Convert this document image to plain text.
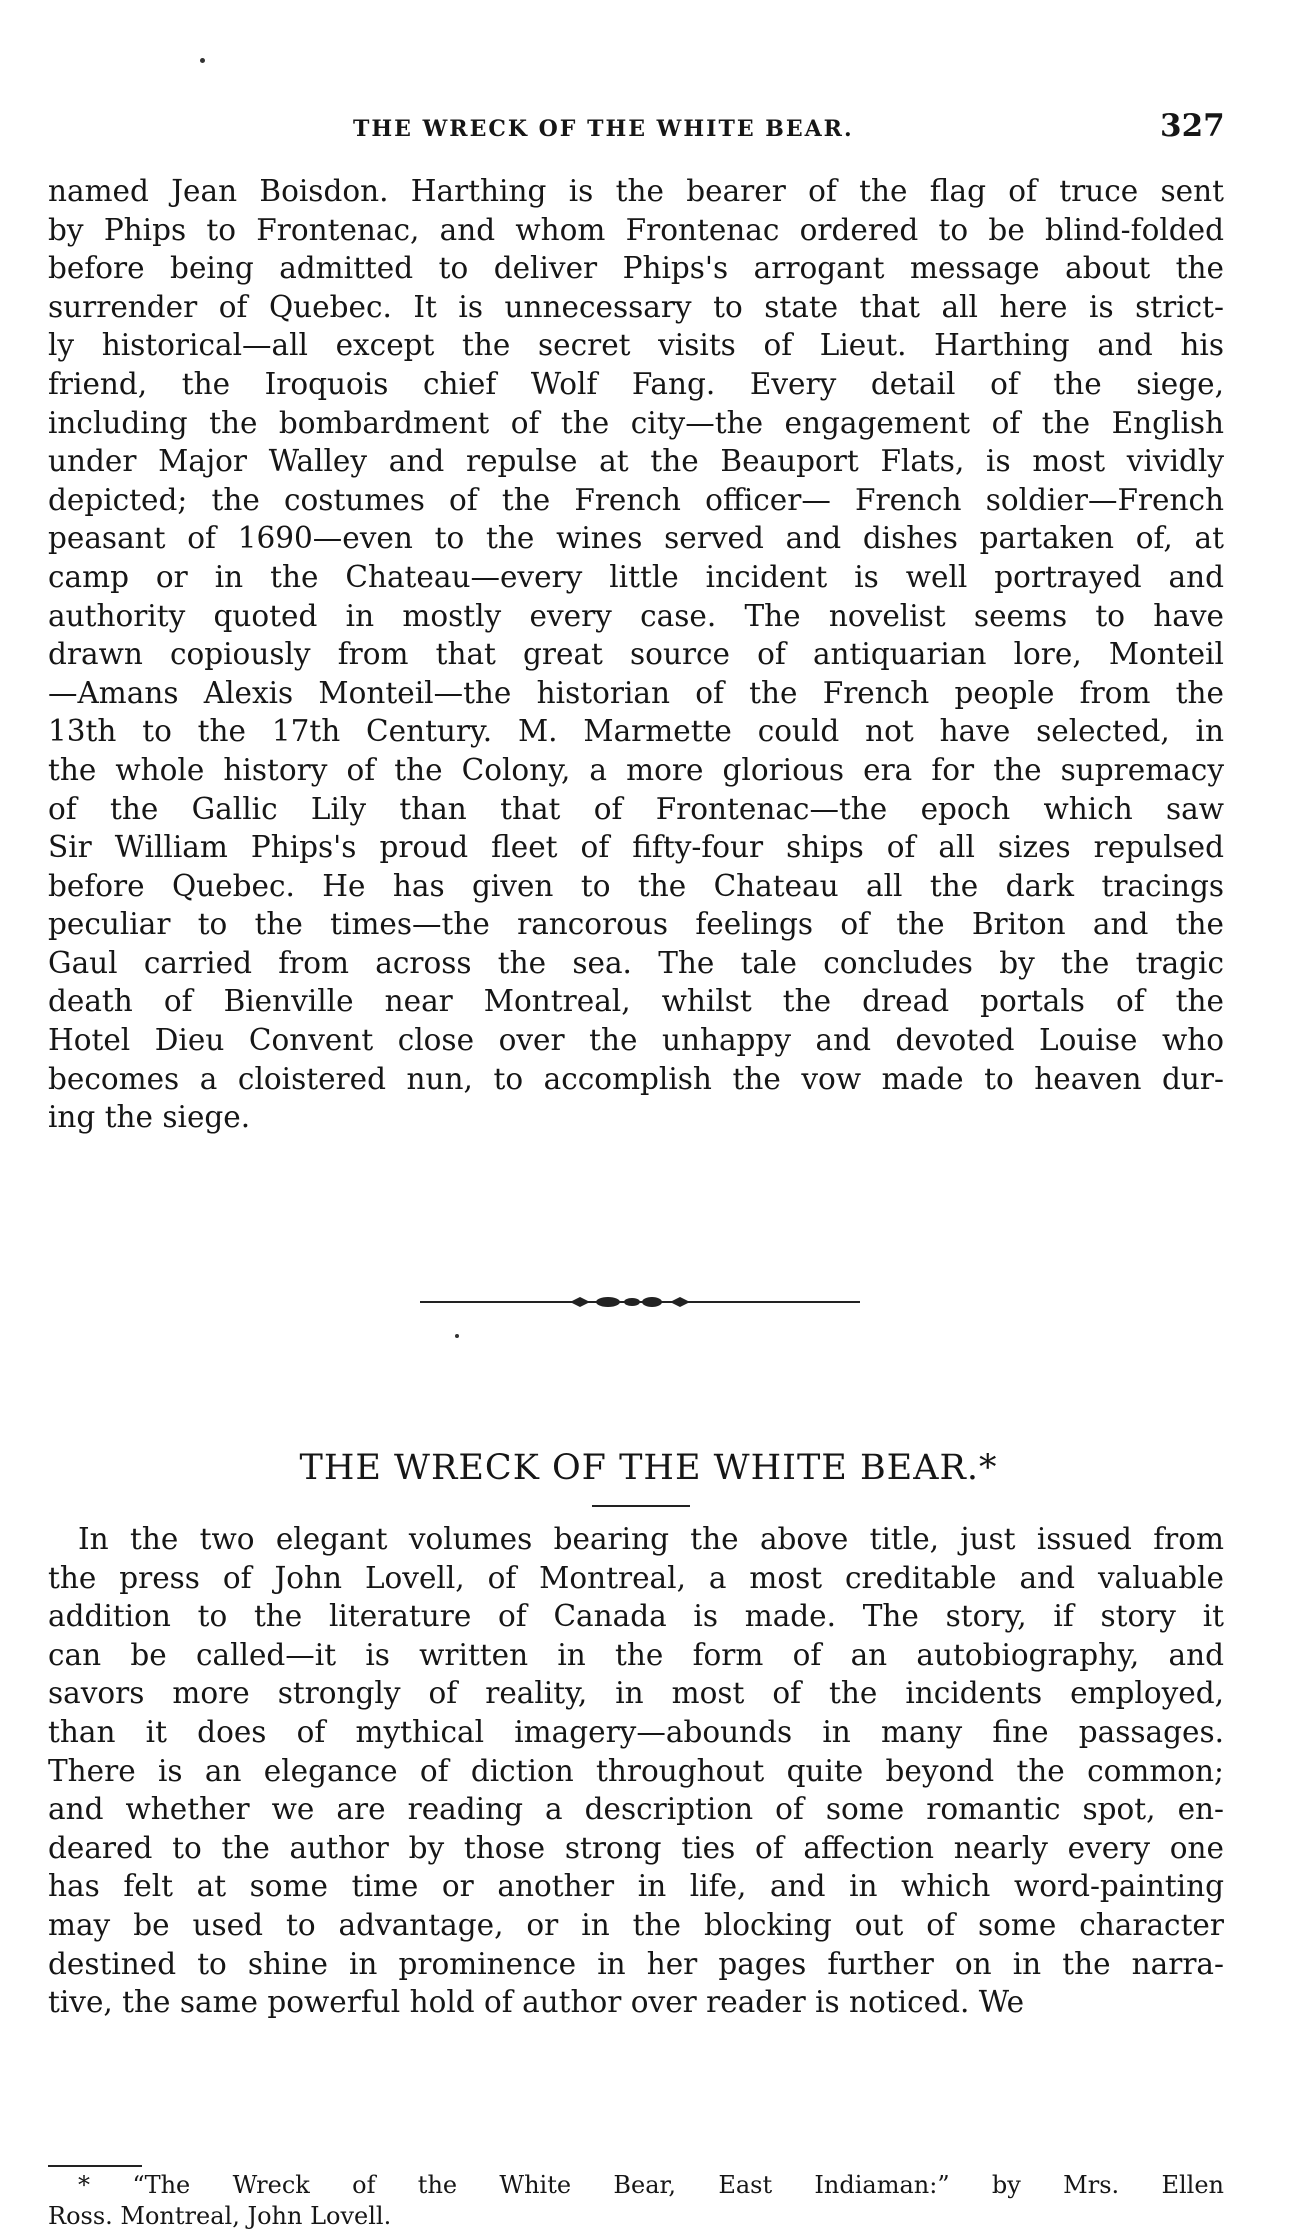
THE WRECK OF THE WHITE BEAR.	327
named Jean Boisdon. Harthing is the bearer of the flag of truce sent
by Phips to Frontenac, and whom Frontenac ordered to be blind-folded
before being admitted to deliver Phips's arrogant message about the
surrender of Quebec. It is unnecessary to state that all here is strict-
ly historical—all except the secret visits of Lieut. Harthing and his
friend, the Iroquois chief Wolf Fang. Every detail of the siege,
including the bombardment of the city—the engagement of the English
under Major Walley and repulse at the Beauport Flats, is most vividly
depicted; the costumes of the French officer— French soldier—French
peasant of 1690—even to the wines served and dishes partaken of, at
camp or in the Chateau—every little incident is well portrayed and
authority quoted in mostly every case. The novelist seems to have
drawn copiously from that great source of antiquarian lore, Monteil
—Amans Alexis Monteil—the historian of the French people from the
13th to the 17th Century. M. Marmette could not have selected, in
the whole history of the Colony, a more glorious era for the supremacy
of the Gallic Lily than that of Frontenac—the epoch which saw
Sir William Phips's proud fleet of fifty-four ships of all sizes repulsed
before Quebec. He has given to the Chateau all the dark tracings
peculiar to the times—the rancorous feelings of the Briton and the
Gaul carried from across the sea. The tale concludes by the tragic
death of Bienville near Montreal, whilst the dread portals of the
Hotel Dieu Convent close over the unhappy and devoted Louise who
becomes a cloistered nun, to accomplish the vow made to heaven dur-
ing the siege.
THE WRECK OF THE WHITE BEAR.*
In the two elegant volumes bearing the above title, just issued from
the press of John Lovell, of Montreal, a most creditable and valuable
addition to the literature of Canada is made. The story, if story it
can be called—it is written in the form of an autobiography, and
savors more strongly of reality, in most of the incidents employed,
than it does of mythical imagery—abounds in many fine passages.
There is an elegance of diction throughout quite beyond the common;
and whether we are reading a description of some romantic spot, en-
deared to the author by those strong ties of affection nearly every one
has felt at some time or another in life, and in which word-painting
may be used to advantage, or in the blocking out of some character
destined to shine in prominence in her pages further on in the narra-
tive, the same powerful hold of author over reader is noticed. We
* “The Wreck of the White Bear, East Indiaman:” by Mrs. Ellen
Ross. Montreal, John Lovell.
